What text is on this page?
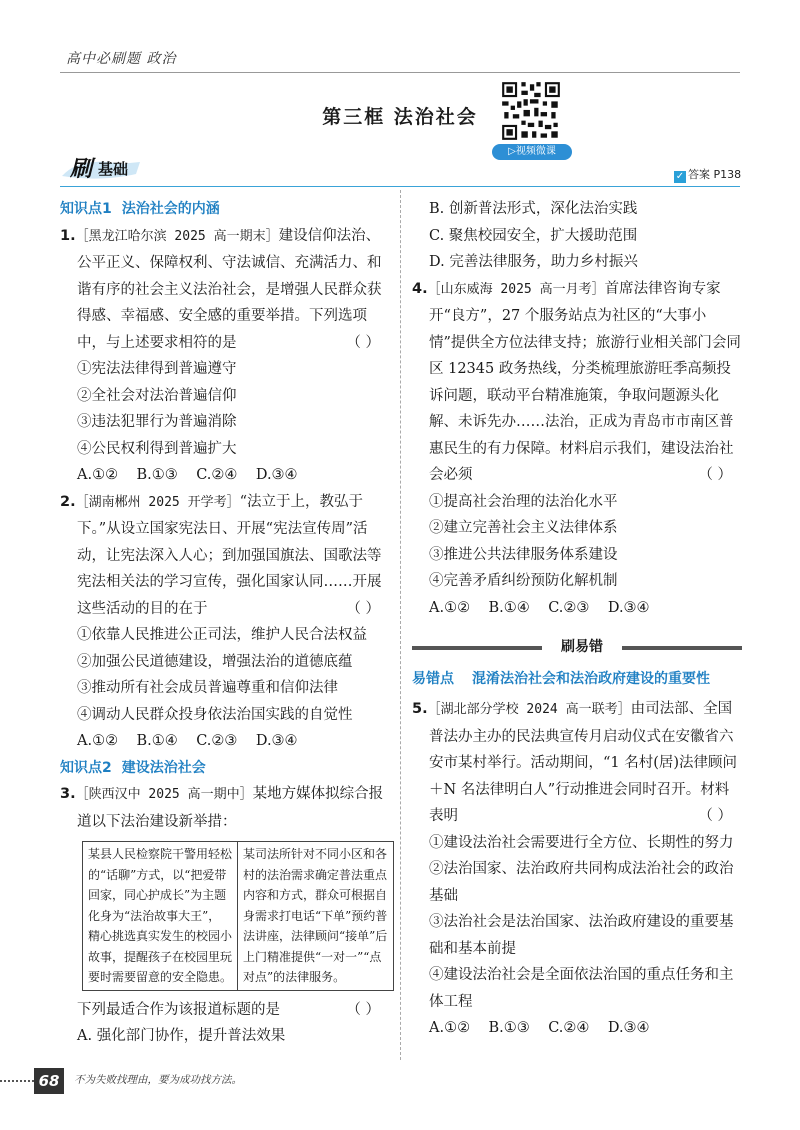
高中必刷题 政治
第三框 法治社会
▷视频微课
刷 基础	✓ 答案 P138
知识点1 法治社会的内涵
1.［黑龙江哈尔滨 2025 高一期末］建设信仰法治、公平正义、保障权利、守法诚信、充满活力、和谐有序的社会主义法治社会，是增强人民群众获得感、幸福感、安全感的重要举措。下列选项中，与上述要求相符的是	（ ）
①宪法法律得到普遍遵守
②全社会对法治普遍信仰
③违法犯罪行为普遍消除
④公民权利得到普遍扩大
A.①②    B.①③    C.②④    D.③④
2.［湖南郴州 2025 开学考］“法立于上，教弘于下。”从设立国家宪法日、开展“宪法宣传周”活动，让宪法深入人心；到加强国旗法、国歌法等宪法相关法的学习宣传，强化国家认同……开展这些活动的目的在于	（ ）
①依靠人民推进公正司法，维护人民合法权益
②加强公民道德建设，增强法治的道德底蕴
③推动所有社会成员普遍尊重和信仰法律
④调动人民群众投身依法治国实践的自觉性
A.①②    B.①④    C.②③    D.③④
知识点2 建设法治社会
3.［陕西汉中 2025 高一期中］某地方媒体拟综合报道以下法治建设新举措：
某县人民检察院干警用轻松的“话聊”方式，以“把爱带回家，同心护成长”为主题化身为“法治故事大王”，精心挑选真实发生的校园小故事，提醒孩子在校园里玩要时需要留意的安全隐患。
某司法所针对不同小区和各村的法治需求确定普法重点内容和方式，群众可根据自身需求打电话“下单”预约普法讲座，法律顾问“接单”后上门精准提供“一对一”“点对点”的法律服务。
下列最适合作为该报道标题的是	（ ）
A. 强化部门协作，提升普法效果
B. 创新普法形式，深化法治实践
C. 聚焦校园安全，扩大援助范围
D. 完善法律服务，助力乡村振兴
4.［山东威海 2025 高一月考］首席法律咨询专家开“良方”，27 个服务站点为社区的“大事小情”提供全方位法律支持；旅游行业相关部门会同区 12345 政务热线，分类梳理旅游旺季高频投诉问题，联动平台精准施策，争取问题源头化解、未诉先办……法治，正成为青岛市市南区普惠民生的有力保障。材料启示我们，建设法治社会必须	（ ）
①提高社会治理的法治化水平
②建立完善社会主义法律体系
③推进公共法律服务体系建设
④完善矛盾纠纷预防化解机制
A.①②    B.①④    C.②③    D.③④
刷易错
易错点	混淆法治社会和法治政府建设的重要性
5.［湖北部分学校 2024 高一联考］由司法部、全国普法办主办的民法典宣传月启动仪式在安徽省六安市某村举行。活动期间，“1 名村(居)法律顾问＋N 名法律明白人”行动推进会同时召开。材料表明	（ ）
①建设法治社会需要进行全方位、长期性的努力
②法治国家、法治政府共同构成法治社会的政治基础
③法治社会是法治国家、法治政府建设的重要基础和基本前提
④建设法治社会是全面依法治国的重点任务和主体工程
A.①②    B.①③    C.②④    D.③④
68	不为失败找理由，要为成功找方法。
